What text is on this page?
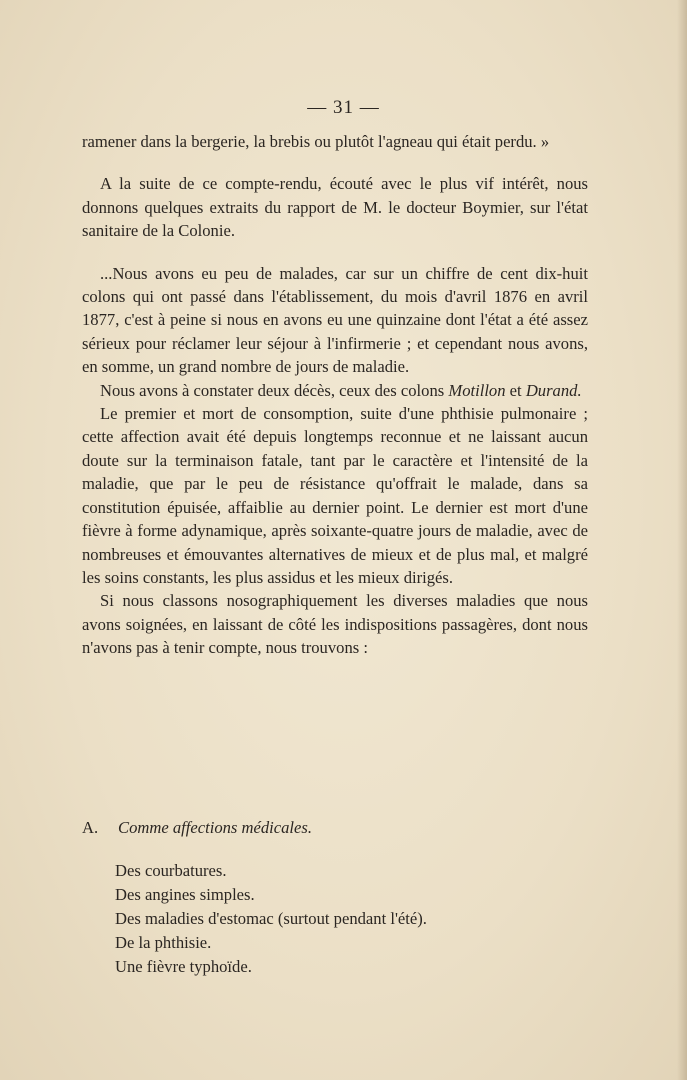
— 31 —

ramener dans la bergerie, la brebis ou plutôt l'agneau qui était perdu. »

A la suite de ce compte-rendu, écouté avec le plus vif intérêt, nous donnons quelques extraits du rapport de M. le docteur Boymier, sur l'état sanitaire de la Colonie.

...Nous avons eu peu de malades, car sur un chiffre de cent dix-huit colons qui ont passé dans l'établissement, du mois d'avril 1876 en avril 1877, c'est à peine si nous en avons eu une quinzaine dont l'état a été assez sérieux pour réclamer leur séjour à l'infirmerie ; et cependant nous avons, en somme, un grand nombre de jours de maladie.

Nous avons à constater deux décès, ceux des colons Motillon et Durand.

Le premier et mort de consomption, suite d'une phthisie pulmonaire ; cette affection avait été depuis longtemps reconnue et ne laissant aucun doute sur la terminaison fatale, tant par le caractère et l'intensité de la maladie, que par le peu de résistance qu'offrait le malade, dans sa constitution épuisée, affaiblie au dernier point. Le dernier est mort d'une fièvre à forme adynamique, après soixante-quatre jours de maladie, avec de nombreuses et émouvantes alternatives de mieux et de plus mal, et malgré les soins constants, les plus assidus et les mieux dirigés.

Si nous classons nosographiquement les diverses maladies que nous avons soignées, en laissant de côté les indispositions passagères, dont nous n'avons pas à tenir compte, nous trouvons :

A. Comme affections médicales.
Des courbatures.
Des angines simples.
Des maladies d'estomac (surtout pendant l'été).
De la phthisie.
Une fièvre typhoïde.
